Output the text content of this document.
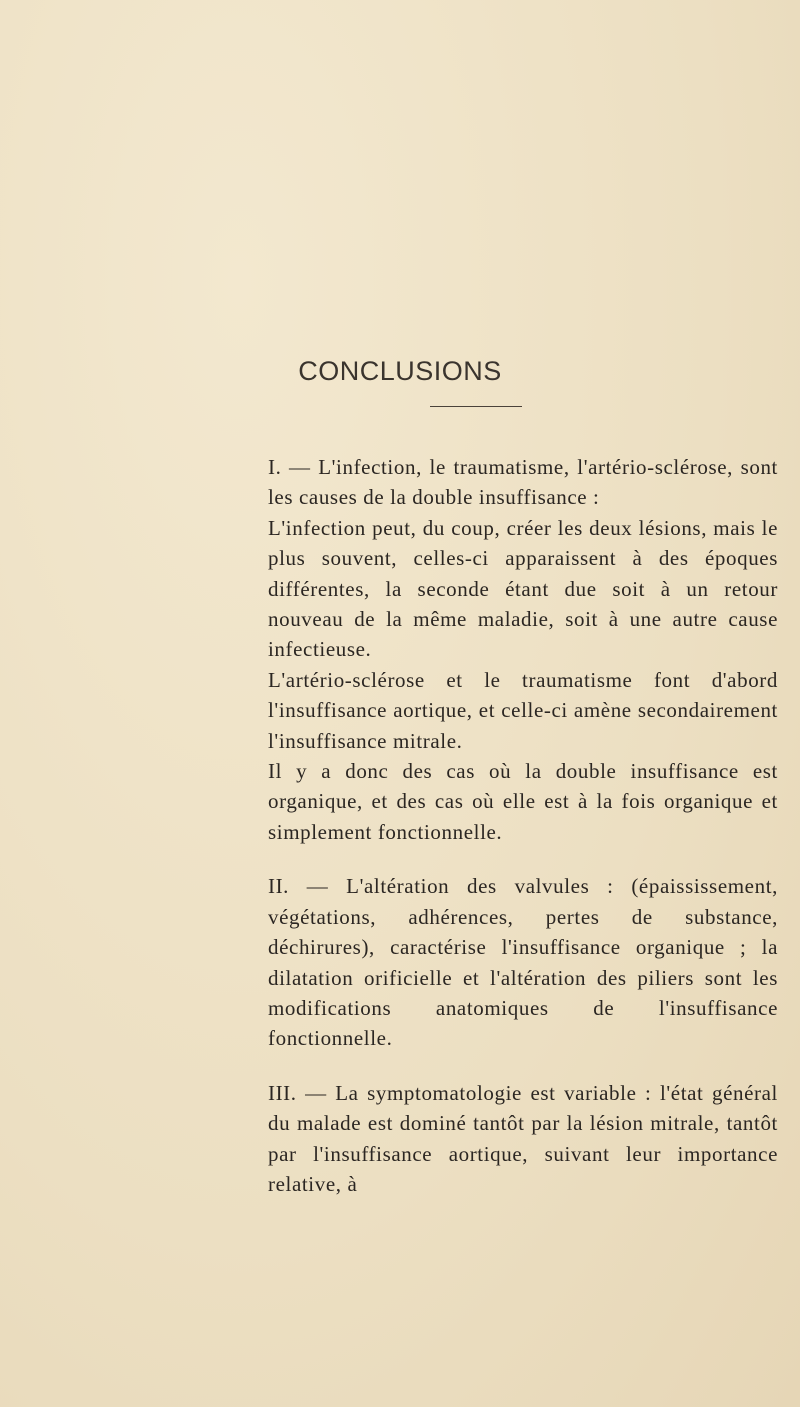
CONCLUSIONS

I. — L'infection, le traumatisme, l'artério-sclérose, sont les causes de la double insuffisance :

L'infection peut, du coup, créer les deux lésions, mais le plus souvent, celles-ci apparaissent à des époques différentes, la seconde étant due soit à un retour nouveau de la même maladie, soit à une autre cause infectieuse.

L'artério-sclérose et le traumatisme font d'abord l'insuffisance aortique, et celle-ci amène secondairement l'insuffisance mitrale.

Il y a donc des cas où la double insuffisance est organique, et des cas où elle est à la fois organique et simplement fonctionnelle.

II. — L'altération des valvules : (épaississement, végétations, adhérences, pertes de substance, déchirures), caractérise l'insuffisance organique ; la dilatation orificielle et l'altération des piliers sont les modifications anatomiques de l'insuffisance fonctionnelle.

III. — La symptomatologie est variable : l'état général du malade est dominé tantôt par la lésion mitrale, tantôt par l'insuffisance aortique, suivant leur importance relative, à
